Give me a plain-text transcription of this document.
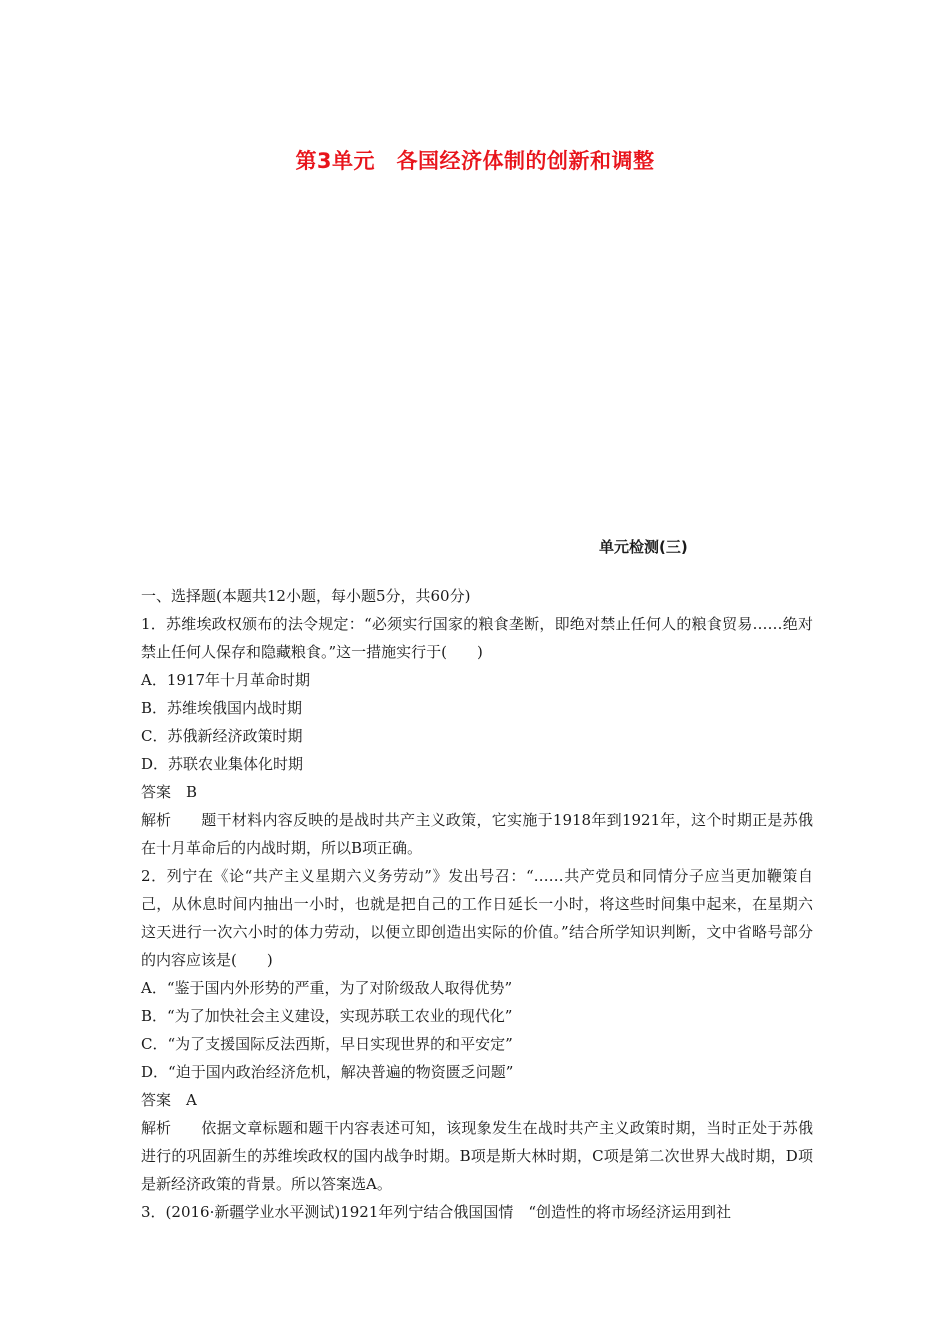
第3单元　各国经济体制的创新和调整
单元检测(三)

一、选择题(本题共12小题，每小题5分，共60分)

1．苏维埃政权颁布的法令规定：“必须实行国家的粮食垄断，即绝对禁止任何人的粮食贸易……绝对禁止任何人保存和隐藏粮食。”这一措施实行于(　　)

A．1917年十月革命时期

B．苏维埃俄国内战时期

C．苏俄新经济政策时期

D．苏联农业集体化时期

答案 B

解析 题干材料内容反映的是战时共产主义政策，它实施于1918年到1921年，这个时期正是苏俄在十月革命后的内战时期，所以B项正确。

2．列宁在《论“共产主义星期六义务劳动”》发出号召：“……共产党员和同情分子应当更加鞭策自己，从休息时间内抽出一小时，也就是把自己的工作日延长一小时，将这些时间集中起来，在星期六这天进行一次六小时的体力劳动，以便立即创造出实际的价值。”结合所学知识判断，文中省略号部分的内容应该是(　　)

A．“鉴于国内外形势的严重，为了对阶级敌人取得优势”

B．“为了加快社会主义建设，实现苏联工农业的现代化”

C．“为了支援国际反法西斯，早日实现世界的和平安定”

D．“迫于国内政治经济危机，解决普遍的物资匮乏问题”

答案 A

解析 依据文章标题和题干内容表述可知，该现象发生在战时共产主义政策时期，当时正处于苏俄进行的巩固新生的苏维埃政权的国内战争时期。B项是斯大林时期，C项是第二次世界大战时期，D项是新经济政策的背景。所以答案选A。

3．(2016·新疆学业水平测试)1921年列宁结合俄国国情　“创造性的将市场经济运用到社
